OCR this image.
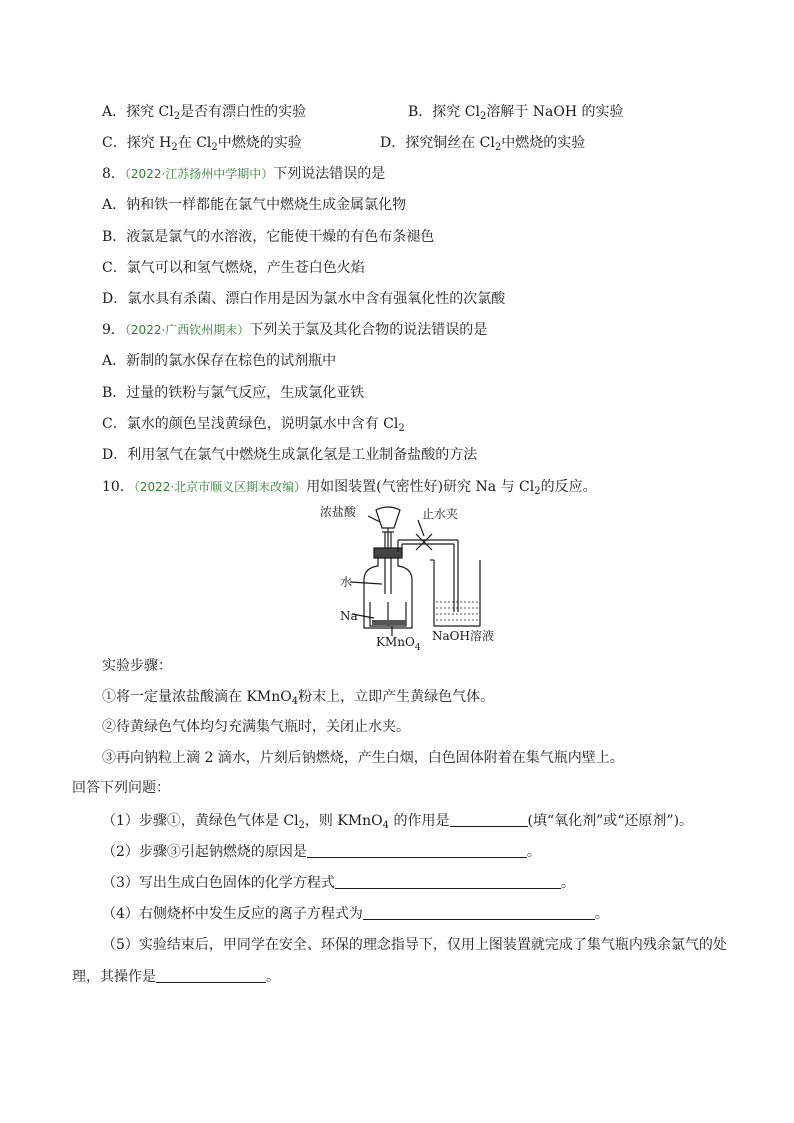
A．探究 $Cl_2$是否有漂白性的实验	B．探究 $Cl_2$溶解于 NaOH 的实验
C．探究 $H_2$在 $Cl_2$中燃烧的实验	D．探究铜丝在 $Cl_2$中燃烧的实验
8．（2022·江苏扬州中学期中）下列说法错误的是
A．钠和铁一样都能在氯气中燃烧生成金属氯化物
B．液氯是氯气的水溶液，它能使干燥的有色布条褪色
C．氯气可以和氢气燃烧，产生苍白色火焰
D．氯水具有杀菌、漂白作用是因为氯水中含有强氧化性的次氯酸
9．（2022·广西钦州期末）下列关于氯及其化合物的说法错误的是
A．新制的氯水保存在棕色的试剂瓶中
B．过量的铁粉与氯气反应，生成氯化亚铁
C．氯水的颜色呈浅黄绿色，说明氯水中含有 $Cl_2$
D．利用氢气在氯气中燃烧生成氯化氢是工业制备盐酸的方法
10．（2022·北京市顺义区期末改编）用如图装置(气密性好)研究 Na 与 $Cl_2$的反应。
浓盐酸	止水夹
水
Na
KMnO$_4$
NaOH溶液
实验步骤：
①将一定量浓盐酸滴在 KMnO$_4$粉末上，立即产生黄绿色气体。
②待黄绿色气体均匀充满集气瓶时，关闭止水夹。
③再向钠粒上滴 2 滴水，片刻后钠燃烧，产生白烟，白色固体附着在集气瓶内壁上。
回答下列问题：
（1）步骤①，黄绿色气体是 $Cl_2$，则 KMnO$_4$ 的作用是	(填“氧化剂”或“还原剂”)。
（2）步骤③引起钠燃烧的原因是	。
（3）写出生成白色固体的化学方程式	。
（4）右侧烧杯中发生反应的离子方程式为	。
（5）实验结束后，甲同学在安全、环保的理念指导下，仅用上图装置就完成了集气瓶内残余氯气的处
理，其操作是	。
